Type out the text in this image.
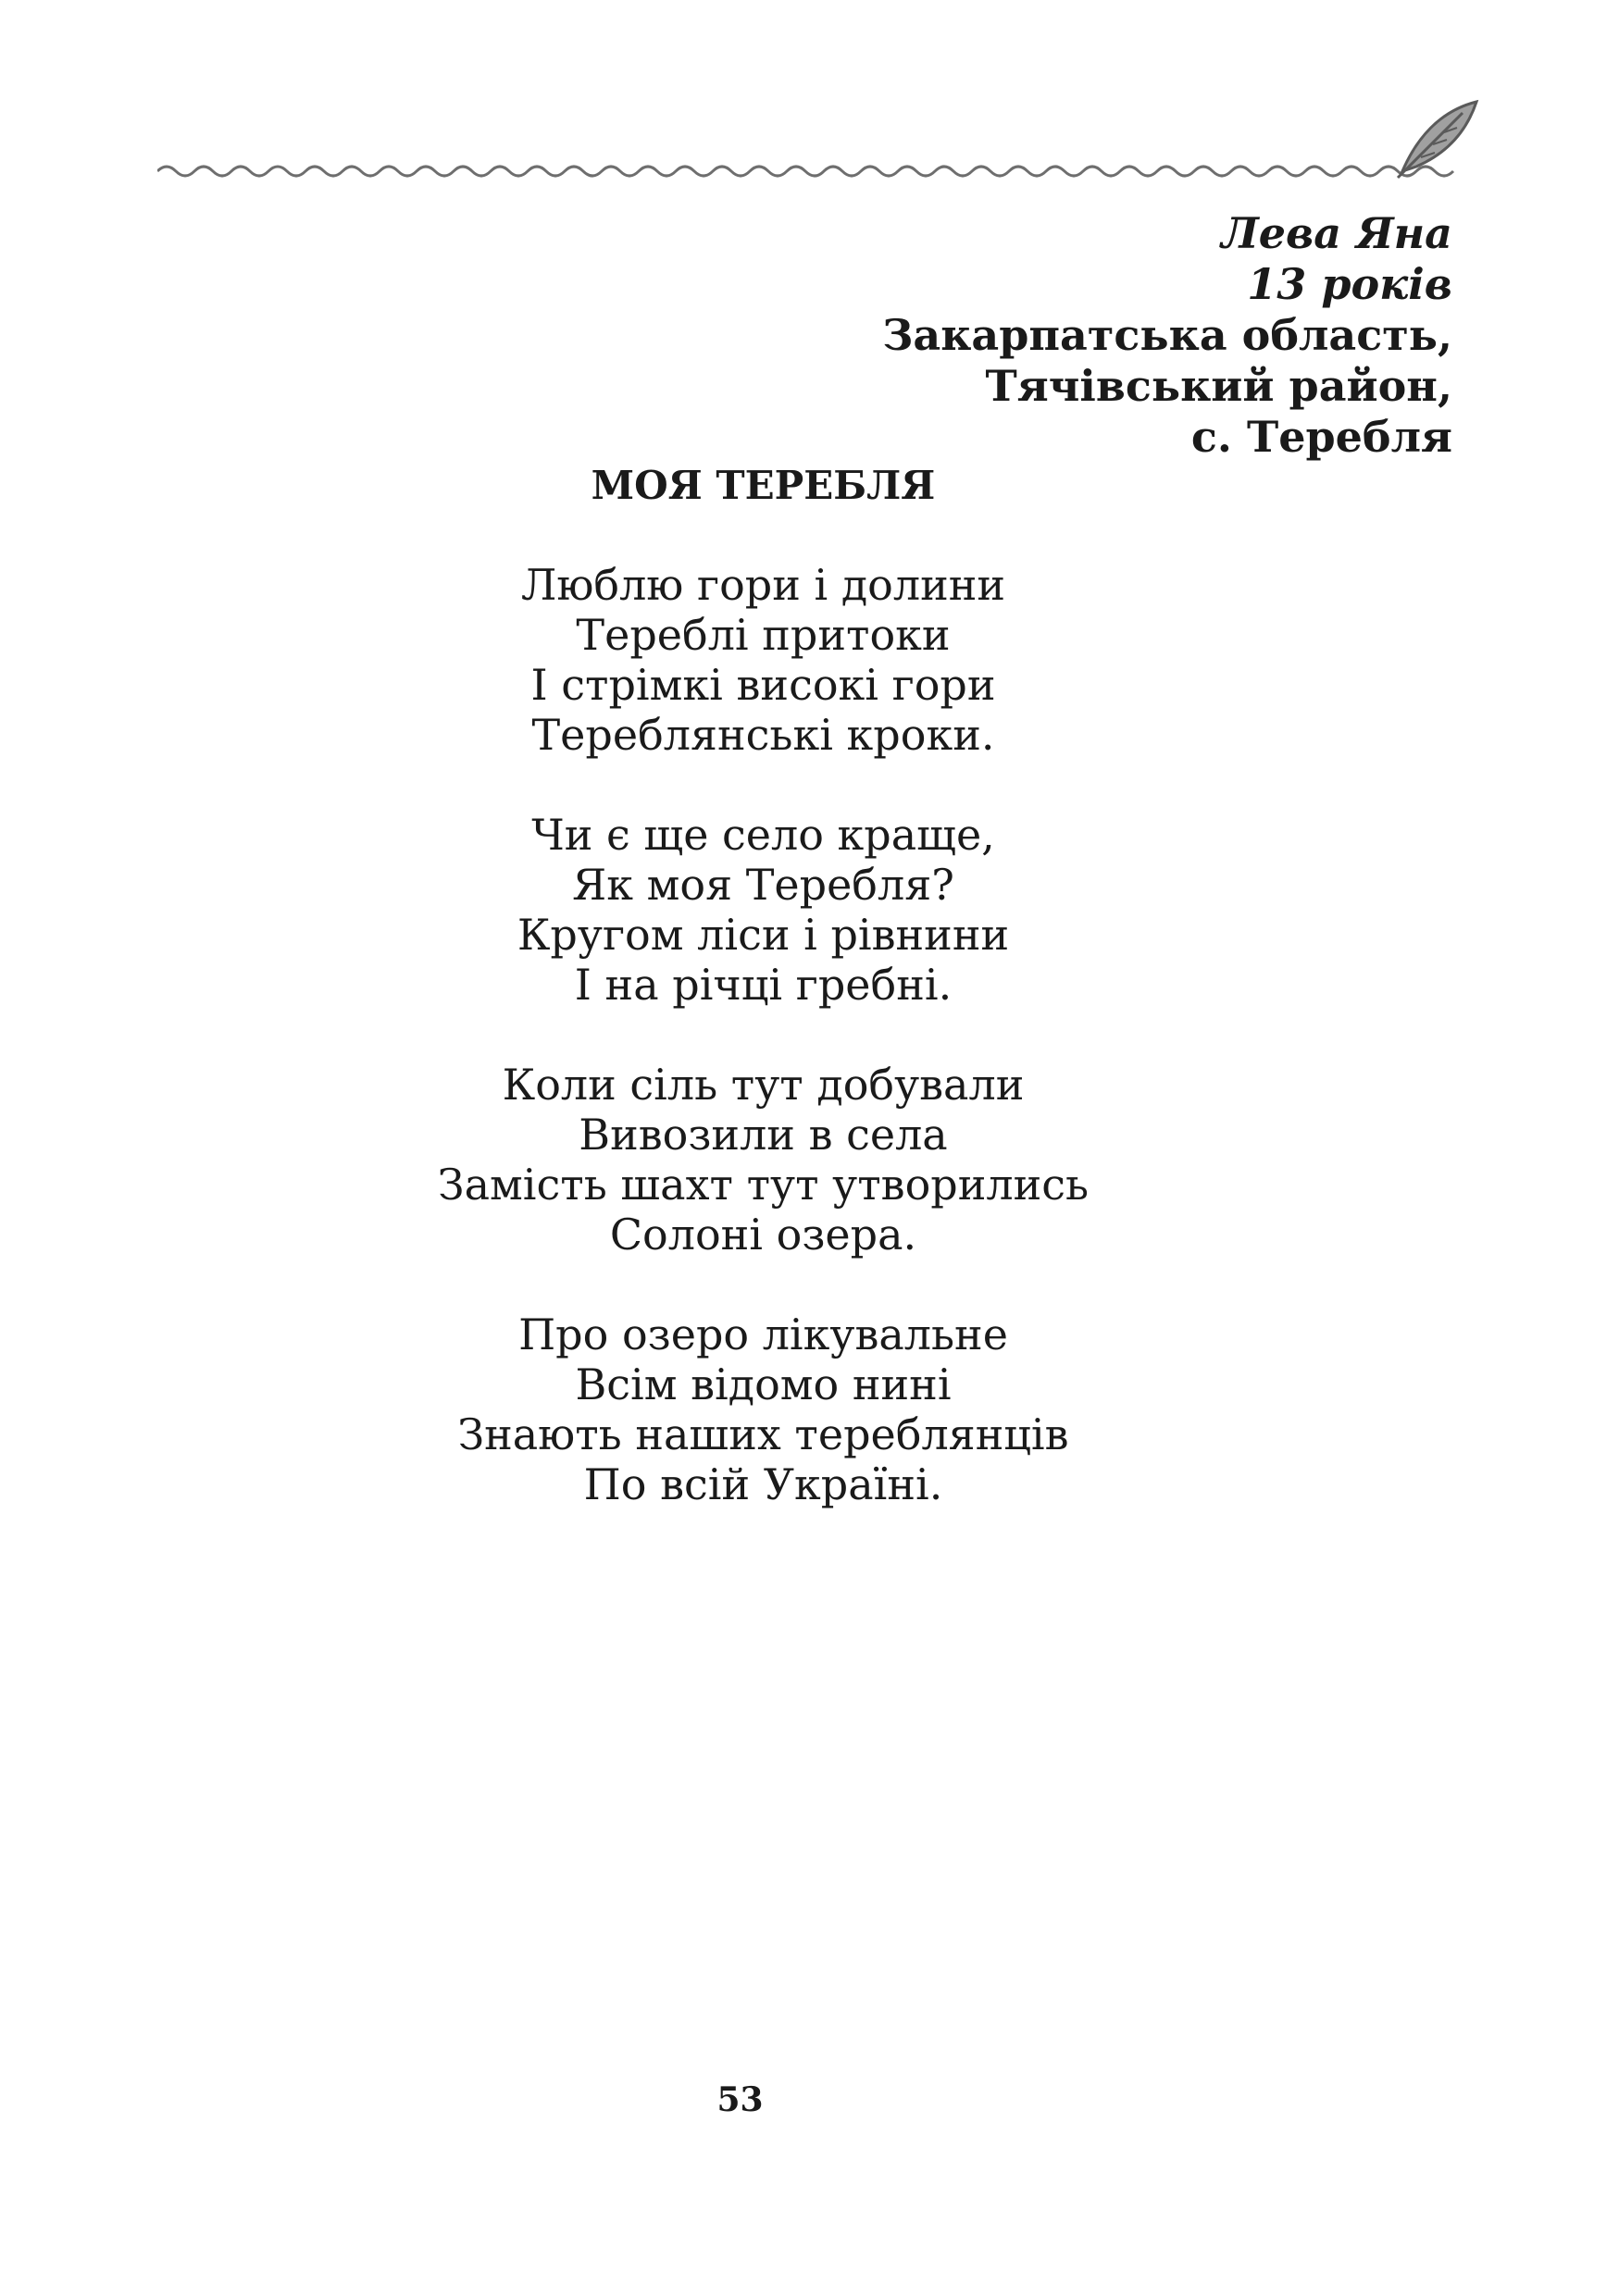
Лева Яна
13 років
Закарпатська область,
Тячівський район,
с. Теребля
МОЯ ТЕРЕБЛЯ
Люблю гори і долини
Тереблі притоки
І стрімкі високі гори
Тереблянські кроки.
Чи є ще село краще,
Як моя Теребля?
Кругом ліси і рівнини
І на річці гребні.
Коли сіль тут добували
Вивозили в села
Замість шахт тут утворились
Солоні озера.
Про озеро лікувальне
Всім відомо нині
Знають наших тереблянців
По всій Україні.
53
